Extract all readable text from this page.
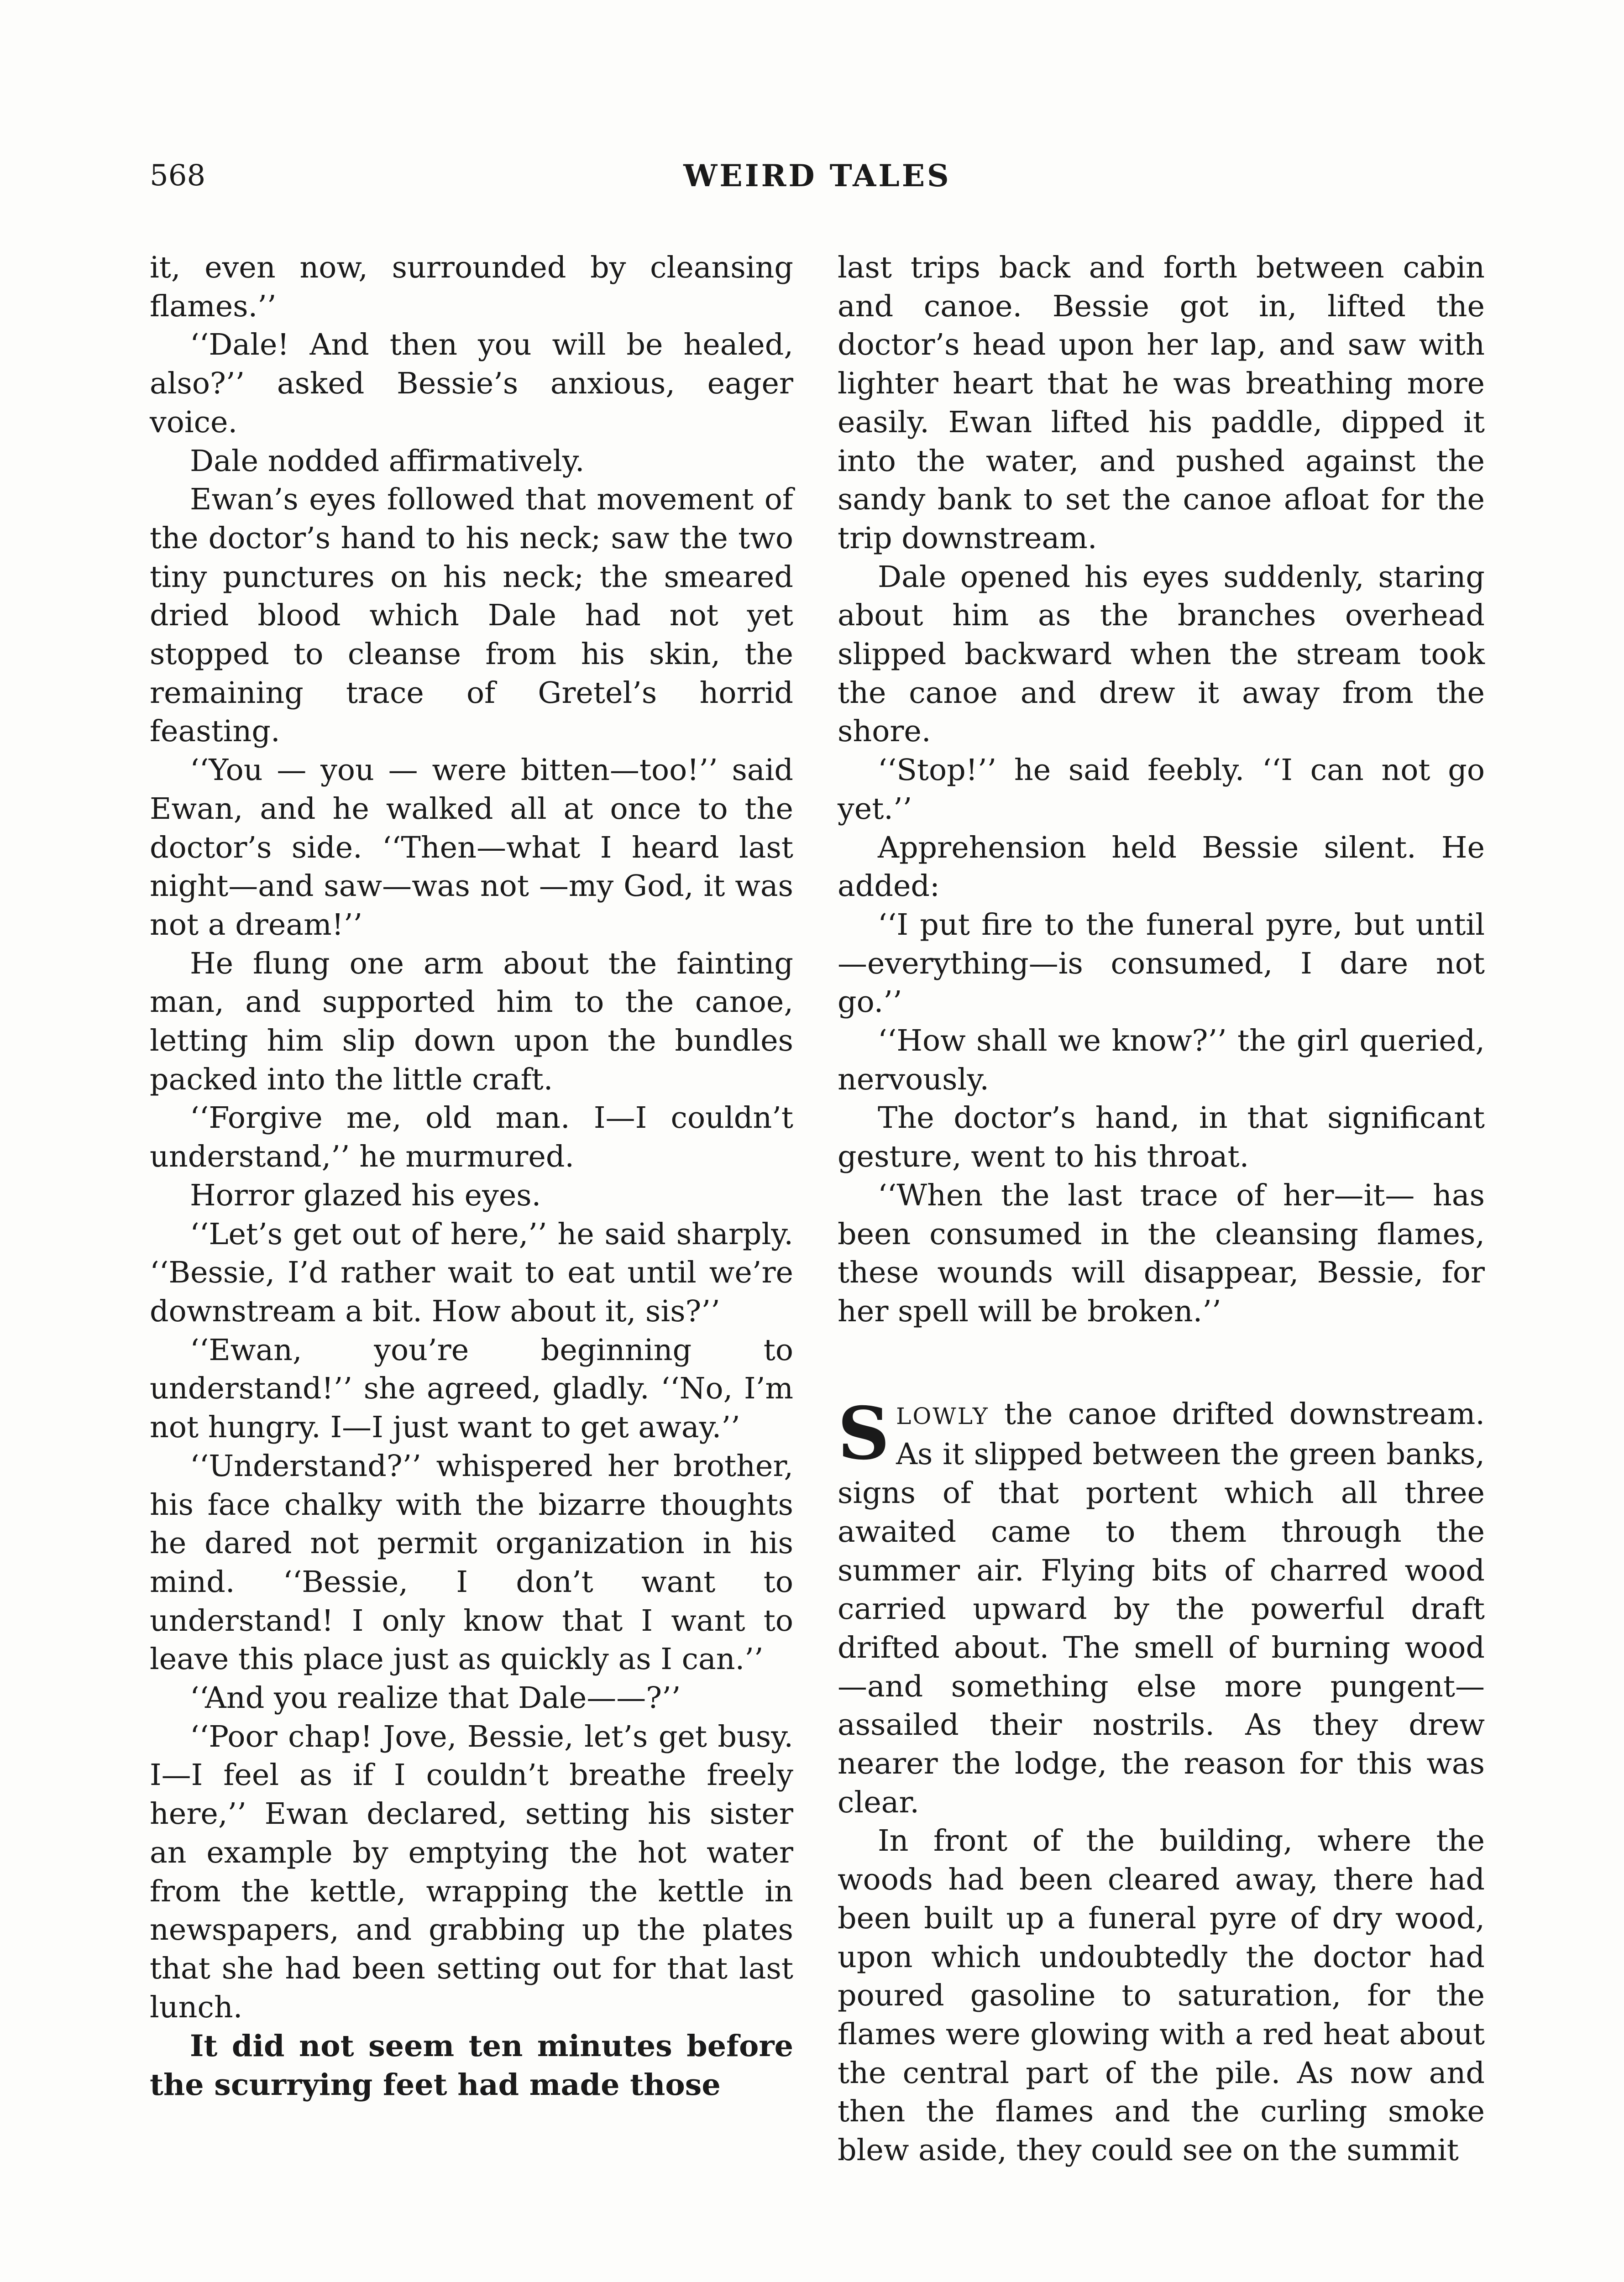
568	WEIRD TALES

it, even now, surrounded by cleansing flames.’’

‘‘Dale! And then you will be healed, also?’’ asked Bessie’s anxious, eager voice.

Dale nodded affirmatively.

Ewan’s eyes followed that movement of the doctor’s hand to his neck; saw the two tiny punctures on his neck; the smeared dried blood which Dale had not yet stopped to cleanse from his skin, the remaining trace of Gretel’s horrid feasting.

‘‘You — you — were bitten—too!’’ said Ewan, and he walked all at once to the doctor’s side. ‘‘Then—what I heard last night—and saw—was not —my God, it was not a dream!’’

He flung one arm about the fainting man, and supported him to the canoe, letting him slip down upon the bundles packed into the little craft.

‘‘Forgive me, old man. I—I couldn’t understand,’’ he murmured.

Horror glazed his eyes.

‘‘Let’s get out of here,’’ he said sharply. ‘‘Bessie, I’d rather wait to eat until we’re downstream a bit. How about it, sis?’’

‘‘Ewan, you’re beginning to understand!’’ she agreed, gladly. ‘‘No, I’m not hungry. I—I just want to get away.’’

‘‘Understand?’’ whispered her brother, his face chalky with the bizarre thoughts he dared not permit organization in his mind. ‘‘Bessie, I don’t want to understand! I only know that I want to leave this place just as quickly as I can.’’

‘‘And you realize that Dale——?’’

‘‘Poor chap! Jove, Bessie, let’s get busy. I—I feel as if I couldn’t breathe freely here,’’ Ewan declared, setting his sister an example by emptying the hot water from the kettle, wrapping the kettle in newspapers, and grabbing up the plates that she had been setting out for that last lunch.

It did not seem ten minutes before the scurrying feet had made those

last trips back and forth between cabin and canoe. Bessie got in, lifted the doctor’s head upon her lap, and saw with lighter heart that he was breathing more easily. Ewan lifted his paddle, dipped it into the water, and pushed against the sandy bank to set the canoe afloat for the trip downstream.

Dale opened his eyes suddenly, staring about him as the branches overhead slipped backward when the stream took the canoe and drew it away from the shore.

‘‘Stop!’’ he said feebly. ‘‘I can not go yet.’’

Apprehension held Bessie silent. He added:

‘‘I put fire to the funeral pyre, but until—everything—is consumed, I dare not go.’’

‘‘How shall we know?’’ the girl queried, nervously.

The doctor’s hand, in that significant gesture, went to his throat.

‘‘When the last trace of her—it— has been consumed in the cleansing flames, these wounds will disappear, Bessie, for her spell will be broken.’’

SLOWLY the canoe drifted downstream. As it slipped between the green banks, signs of that portent which all three awaited came to them through the summer air. Flying bits of charred wood carried upward by the powerful draft drifted about. The smell of burning wood—and something else more pungent—assailed their nostrils. As they drew nearer the lodge, the reason for this was clear.

In front of the building, where the woods had been cleared away, there had been built up a funeral pyre of dry wood, upon which undoubtedly the doctor had poured gasoline to saturation, for the flames were glowing with a red heat about the central part of the pile. As now and then the flames and the curling smoke blew aside, they could see on the summit
